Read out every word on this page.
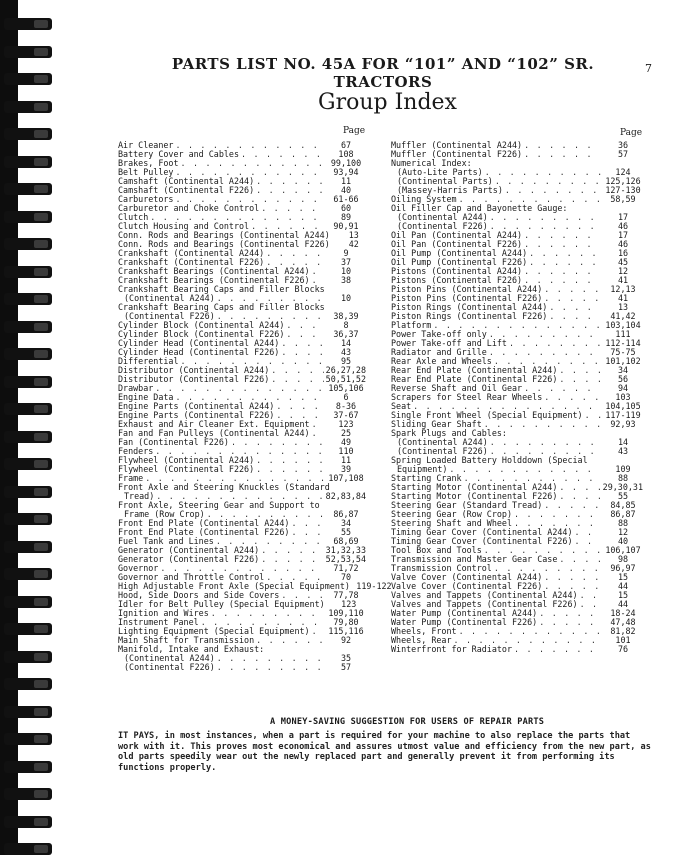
PARTS LIST NO. 45A FOR “101” AND “102” SR. TRACTORS
7
Group Index
Page	Page
Air Cleaner . . .	67
Battery Cover and Cables . . .	108
Brakes, Foot . . .	99,100
Belt Pulley . . .	93,94
Camshaft (Continental A244) . . .	11
Camshaft (Continental F226) . . .	40
Carburetors . . .	61-66
Carburetor and Choke Control . . .	60
Clutch . . .	89
Clutch Housing and Control . . .	90,91
Conn. Rods and Bearings (Continental A244)	13
Conn. Rods and Bearings (Continental F226)	42
Crankshaft (Continental A244) . . .	9
Crankshaft (Continental F226) . . .	37
Crankshaft Bearings (Continental A244) . . .	10
Crankshaft Bearings (Continental F226) . . .	38
Crankshaft Bearing Caps and Filler Blocks
(Continental A244) . . .	10
Crankshaft Bearing Caps and Filler Blocks
(Continental F226) . . .	38,39
Cylinder Block (Continental A244) . . .	8
Cylinder Block (Continental F226) . . .	36,37
Cylinder Head (Continental A244) . . .	14
Cylinder Head (Continental F226) . . .	43
Differential . . .	95
Distributor (Continental A244) . . .	26,27,28
Distributor (Continental F226) . . .	50,51,52
Drawbar . . .	105,106
Engine Data . . .	6
Engine Parts (Continental A244) . . .	8-36
Engine Parts (Continental F226) . . .	37-67
Exhaust and Air Cleaner Ext. Equipment . . .	123
Fan and Fan Pulleys (Continental A244) . . .	25
Fan (Continental F226) . . .	49
Fenders . . .	110
Flywheel (Continental A244) . . .	11
Flywheel (Continental F226) . . .	39
Frame . . .	107,108
Front Axle and Steering Knuckles (Standard
Tread) . . .	82,83,84
Front Axle, Steering Gear and Support to
Frame (Row Crop) . . .	86,87
Front End Plate (Continental A244) . . .	34
Front End Plate (Continental F226) . . .	55
Fuel Tank and Lines . . .	68,69
Generator (Continental A244) . . .	31,32,33
Generator (Continental F226) . . .	52,53,54
Governor . . .	71,72
Governor and Throttle Control . . .	70
High Adjustable Front Axle (Special Equipment) 119-122
Hood, Side Doors and Side Covers . . .	77,78
Idler for Belt Pulley (Special Equipment)	123
Ignition and Wires . . .	109,110
Instrument Panel . . .	79,80
Lighting Equipment (Special Equipment) . . . 115,116
Main Shaft for Transmission . . .	92
Manifold, Intake and Exhaust:
(Continental A244) . . .	35
(Continental F226) . . .	57
Muffler (Continental A244) . . .	36
Muffler (Continental F226) . . .	57
Numerical Index:
(Auto-Lite Parts) . . .	124
(Continental Parts) . . .	125,126
(Massey-Harris Parts) . . .	127-130
Oiling System . . .	58,59
Oil Filler Cap and Bayonette Gauge:
(Continental A244) . . .	17
(Continental F226) . . .	46
Oil Pan (Continental A244) . . .	17
Oil Pan (Continental F226) . . .	46
Oil Pump (Continental A244) . . .	16
Oil Pump (Continental F226) . . .	45
Pistons (Continental A244) . . .	12
Pistons (Continental F226) . . .	41
Piston Pins (Continental A244) . . .	12,13
Piston Pins (Continental F226) . . .	41
Piston Rings (Continental A244) . . .	13
Piston Rings (Continental F226) . . .	41,42
Platform . . .	103,104
Power Take-off only . . .	111
Power Take-off and Lift . . .	112-114
Radiator and Grille . . .	75-75
Rear Axle and Wheels . . .	101,102
Rear End Plate (Continental A244) . . .	34
Rear End Plate (Continental F226) . . .	56
Reverse Shaft and Oil Gear . . .	94
Scrapers for Steel Rear Wheels . . .	103
Seat . . .	104,105
Single Front Wheel (Special Equipment) . . .	117-119
Sliding Gear Shaft . . .	92,93
Spark Plugs and Cables:
(Continental A244) . . .	14
(Continental F226) . . .	43
Spring Loaded Battery Holddown (Special
Equipment) . . .	109
Starting Crank . . .	88
Starting Motor (Continental A244) . . .	29,30,31
Starting Motor (Continental F226) . . .	55
Steering Gear (Standard Tread) . . .	84,85
Steering Gear (Row Crop) . . .	86,87
Steering Shaft and Wheel . . .	88
Timing Gear Cover (Continental A244) . . .	12
Timing Gear Cover (Continental F226) . . .	40
Tool Box and Tools . . .	106,107
Transmission and Master Gear Case . . .	98
Transmission Control . . .	96,97
Valve Cover (Continental A244) . . .	15
Valve Cover (Continental F226) . . .	44
Valves and Tappets (Continental A244) . . .	15
Valves and Tappets (Continental F226) . . .	44
Water Pump (Continental A244) . . .	18-24
Water Pump (Continental F226) . . .	47,48
Wheels, Front . . .	81,82
Wheels, Rear . . .	101
Winterfront for Radiator . . .	76
A MONEY-SAVING SUGGESTION FOR USERS OF REPAIR PARTS
IT PAYS, in most instances, when a part is required for your machine to also replace the parts that work with it. This proves most economical and assures utmost value and efficiency from the new part, as old parts speedily wear out the newly replaced part and generally prevent it from performing its functions properly.
